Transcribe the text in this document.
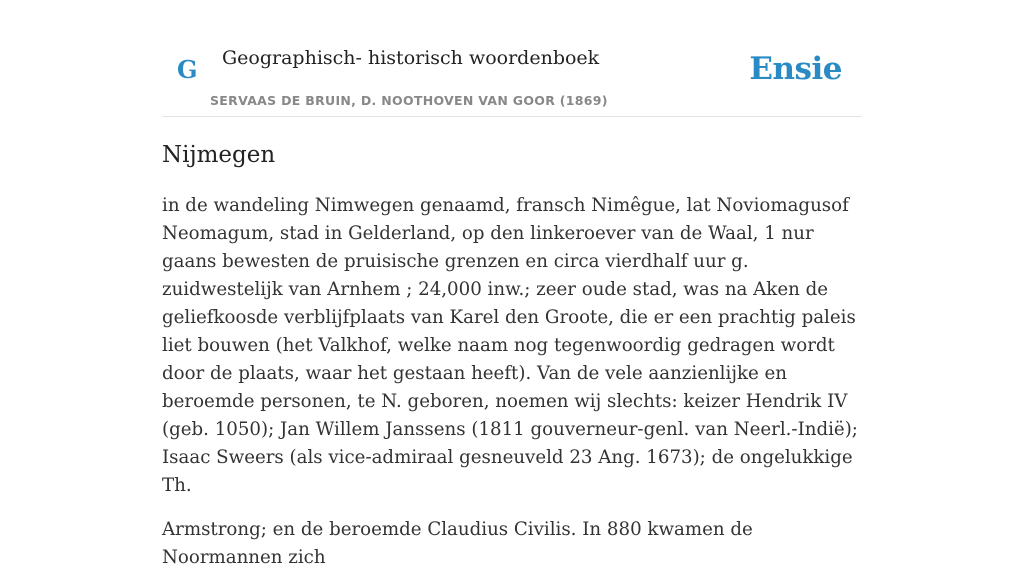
G Geographisch- historisch woordenboek
SERVAAS DE BRUIN, D. NOOTHOVEN VAN GOOR (1869)
Ensie
Nijmegen

in de wandeling Nimwegen genaamd, fransch Nimêgue, lat Noviomagusof Neomagum, stad in Gelderland, op den linkeroever van de Waal, 1 nur gaans bewesten de pruisische grenzen en circa vierdhalf uur g. zuidwestelijk van Arnhem ; 24,000 inw.; zeer oude stad, was na Aken de geliefkoosde verblijfplaats van Karel den Groote, die er een prachtig paleis liet bouwen (het Valkhof, welke naam nog tegenwoordig gedragen wordt door de plaats, waar het gestaan heeft). Van de vele aanzienlijke en beroemde personen, te N. geboren, noemen wij slechts: keizer Hendrik IV (geb. 1050); Jan Willem Janssens (1811 gouverneur-genl. van Neerl.-Indië); Isaac Sweers (als vice-admiraal gesneuveld 23 Ang. 1673); de ongelukkige Th.

Armstrong; en de beroemde Claudius Civilis. In 880 kwamen de Noormannen zich
